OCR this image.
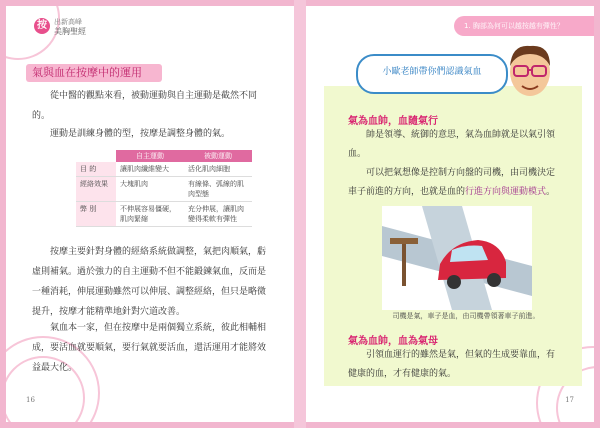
按	出新高峰
美胸聖經
氣與血在按摩中的運用
從中醫的觀點來看，被動運動與自主運動是截然不同的。
運動是訓練身體的型，按摩是調整身體的氣。
	自主運動	被動運動
目 的	讓肌肉纖維變大	活化肌肉細胞
經絡效果	大塊肌肉	有線條、弧線的肌肉型態
弊 別	不伸展容易僵硬，肌肉緊縮	充分伸展，讓肌肉變得柔軟有彈性
按摩主要針對身體的經絡系統做調整，氣把肉順氣，虧虛則補氣。過於強力的自主運動不但不能鍛鍊氣血，反而是一種消耗，伸展運動雖然可以伸展、調整經絡，但只是略微提升，按摩才能精準地針對穴道改善。
氣血本一家，但在按摩中是兩個獨立系統，彼此相輔相成，要活血就要順氣，要行氣就要活血，還活運用才能將效益最大化。
16
1. 胸部為何可以越按越有彈性？
小歐老師帶你們認識氣血
氣為血帥，血隨氣行
帥是領導、統御的意思，氣為血帥就是以氣引領血。
可以把氣想像是控制方向盤的司機，由司機決定車子前進的方向，也就是血的行進方向與運動模式。
司機是氣，車子是血，由司機帶領著車子前進。
氣為血帥，血為氣母
引領血運行的雖然是氣，但氣的生成要靠血，有健康的血，才有健康的氣。
17
